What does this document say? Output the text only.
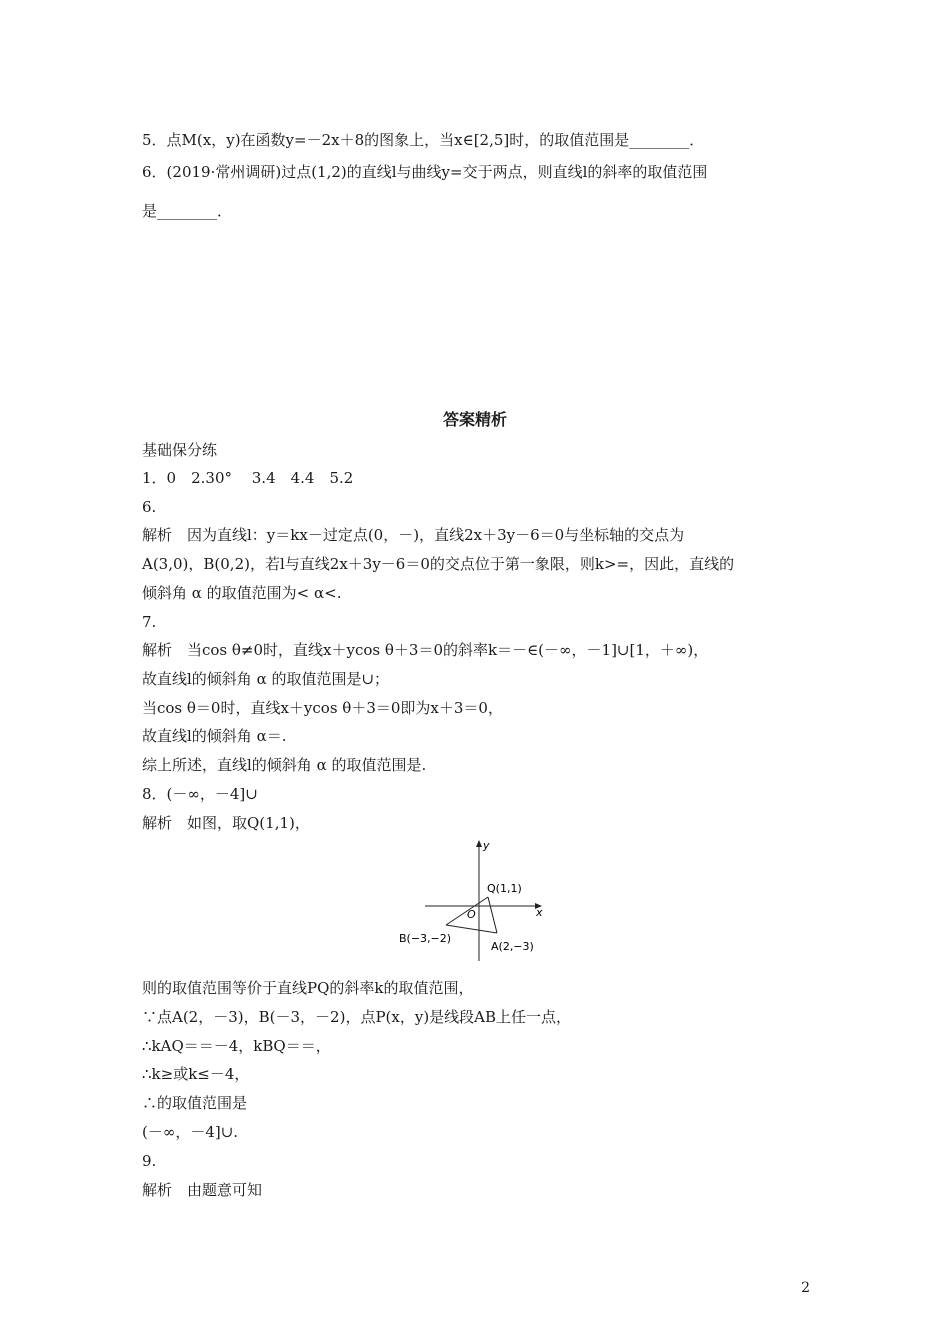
5．点M(x，y)在函数y=－2x＋8的图象上，当x∈[2,5]时，的取值范围是________．
6．(2019·常州调研)过点(1,2)的直线l与曲线y=交于两点，则直线l的斜率的取值范围
是________．
答案精析
基础保分练
1．0　2.30°　 3.4　4.4　5.2
6.
解析　因为直线l：y＝kx－过定点(0，－)，直线2x＋3y－6＝0与坐标轴的交点为
A(3,0)，B(0,2)，若l与直线2x＋3y－6＝0的交点位于第一象限，则k>=，因此，直线的
倾斜角 α 的取值范围为< α<.
7.
解析　当cos θ≠0时，直线x＋ycos θ＋3＝0的斜率k＝－∈(－∞，－1]∪[1，＋∞)，
故直线l的倾斜角 α 的取值范围是∪；
当cos θ＝0时，直线x＋ycos θ＋3＝0即为x＋3＝0，
故直线l的倾斜角 α＝.
综上所述，直线l的倾斜角 α 的取值范围是.
8．(－∞，－4]∪
解析　如图，取Q(1,1)，
y
x
Q(1,1)
O
B(−3,−2)
A(2,−3)
则的取值范围等价于直线PQ的斜率k的取值范围，
∵点A(2，－3)，B(－3，－2)，点P(x，y)是线段AB上任一点，
∴kAQ＝＝－4，kBQ＝＝，
∴k≥或k≤－4，
∴的取值范围是
(－∞，－4]∪.
9.
解析　由题意可知
2
